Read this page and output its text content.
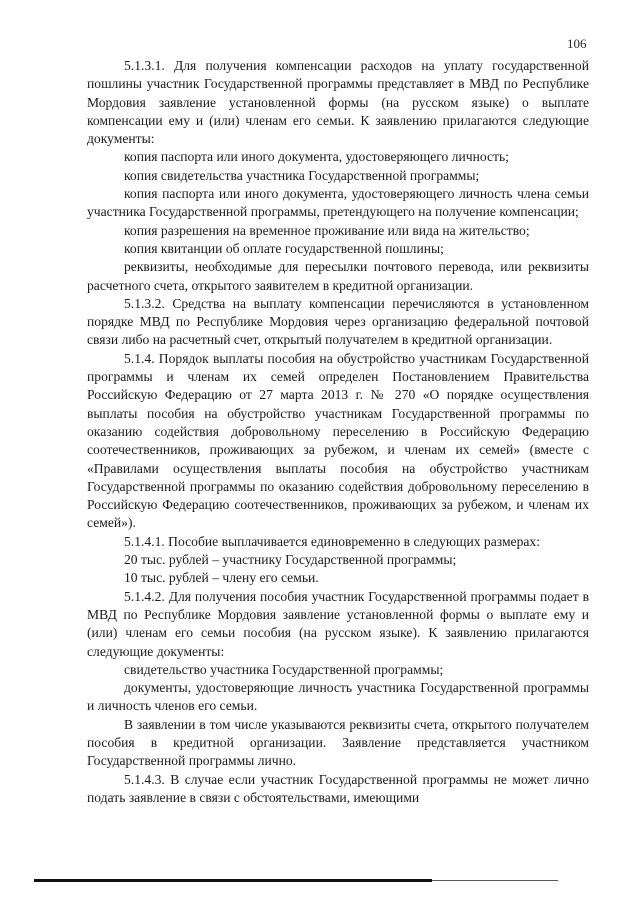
106

5.1.3.1. Для получения компенсации расходов на уплату государственной пошлины участник Государственной программы представляет в МВД по Республике Мордовия заявление установленной формы (на русском языке) о выплате компенсации ему и (или) членам его семьи. К заявлению прилагаются следующие документы:

копия паспорта или иного документа, удостоверяющего личность;

копия свидетельства участника Государственной программы;

копия паспорта или иного документа, удостоверяющего личность члена семьи участника Государственной программы, претендующего на получение компенсации;

копия разрешения на временное проживание или вида на жительство;

копия квитанции об оплате государственной пошлины;

реквизиты, необходимые для пересылки почтового перевода, или реквизиты расчетного счета, открытого заявителем в кредитной организации.

5.1.3.2. Средства на выплату компенсации перечисляются в установленном порядке МВД по Республике Мордовия через организацию федеральной почтовой связи либо на расчетный счет, открытый получателем в кредитной организации.

5.1.4. Порядок выплаты пособия на обустройство участникам Государственной программы и членам их семей определен Постановлением Правительства Российскую Федерацию от 27 марта 2013 г. № 270 «О порядке осуществления выплаты пособия на обустройство участникам Государственной программы по оказанию содействия добровольному переселению в Российскую Федерацию соотечественников, проживающих за рубежом, и членам их семей» (вместе с «Правилами осуществления выплаты пособия на обустройство участникам Государственной программы по оказанию содействия добровольному переселению в Российскую Федерацию соотечественников, проживающих за рубежом, и членам их семей»).

5.1.4.1. Пособие выплачивается единовременно в следующих размерах:

20 тыс. рублей – участнику Государственной программы;

10 тыс. рублей – члену его семьи.

5.1.4.2. Для получения пособия участник Государственной программы подает в МВД по Республике Мордовия заявление установленной формы о выплате ему и (или) членам его семьи пособия (на русском языке). К заявлению прилагаются следующие документы:

свидетельство участника Государственной программы;

документы, удостоверяющие личность участника Государственной программы и личность членов его семьи.

В заявлении в том числе указываются реквизиты счета, открытого получателем пособия в кредитной организации. Заявление представляется участником Государственной программы лично.

5.1.4.3. В случае если участник Государственной программы не может лично подать заявление в связи с обстоятельствами, имеющими
